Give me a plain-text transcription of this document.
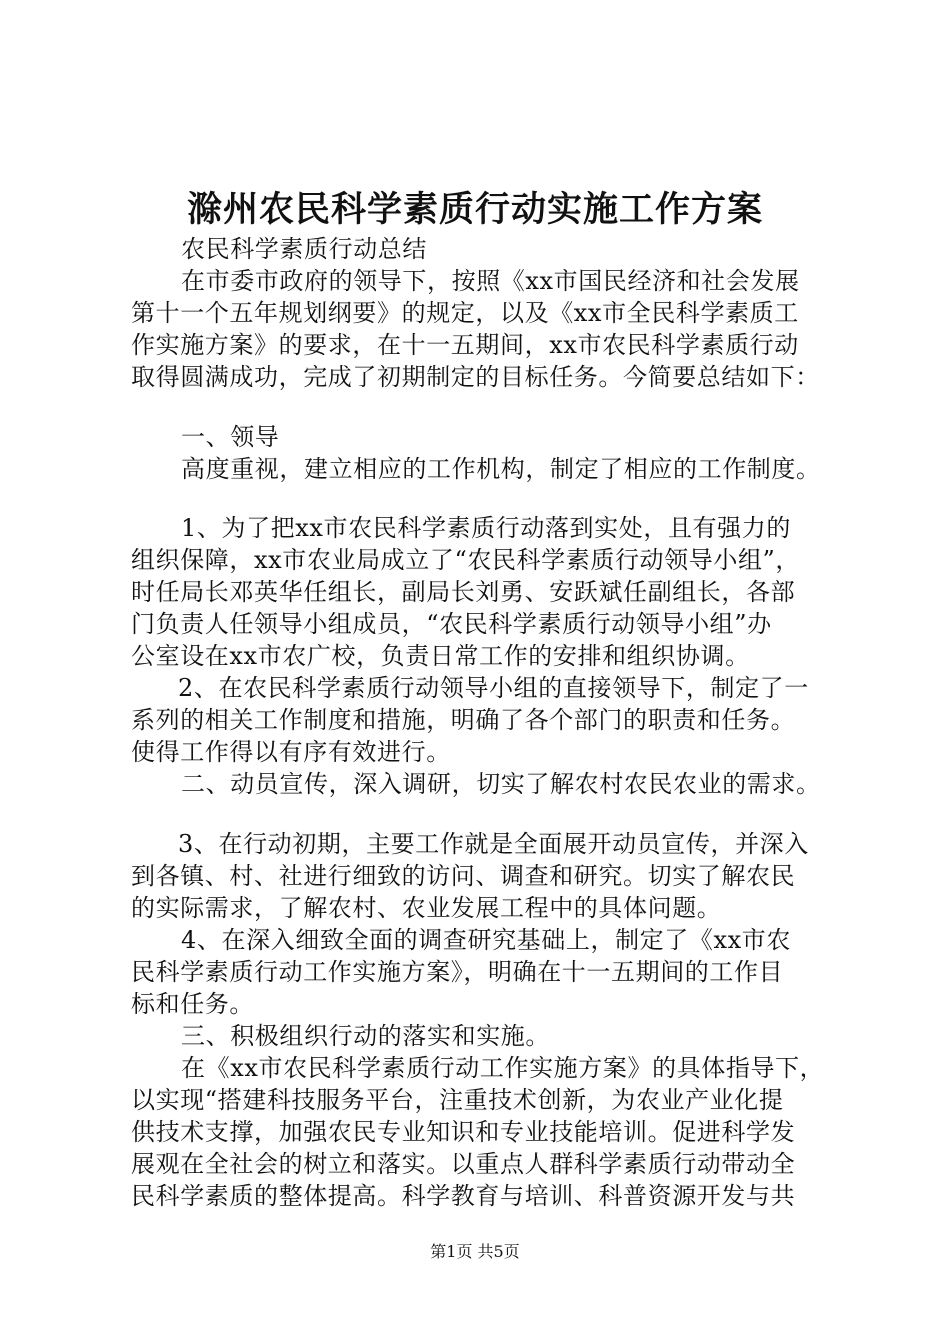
滁州农民科学素质行动实施工作方案
农民科学素质行动总结
在市委市政府的领导下，按照《xx市国民经济和社会发展
第十一个五年规划纲要》的规定，以及《xx市全民科学素质工
作实施方案》的要求，在十一五期间，xx市农民科学素质行动
取得圆满成功，完成了初期制定的目标任务。今简要总结如下：
一、领导
高度重视，建立相应的工作机构，制定了相应的工作制度。
1、为了把xx市农民科学素质行动落到实处，且有强力的
组织保障，xx市农业局成立了“农民科学素质行动领导小组”，
时任局长邓英华任组长，副局长刘勇、安跃斌任副组长，各部
门负责人任领导小组成员，“农民科学素质行动领导小组”办
公室设在xx市农广校，负责日常工作的安排和组织协调。
2、在农民科学素质行动领导小组的直接领导下，制定了一
系列的相关工作制度和措施，明确了各个部门的职责和任务。
使得工作得以有序有效进行。
二、动员宣传，深入调研，切实了解农村农民农业的需求。
3、在行动初期，主要工作就是全面展开动员宣传，并深入
到各镇、村、社进行细致的访问、调查和研究。切实了解农民
的实际需求，了解农村、农业发展工程中的具体问题。
4、在深入细致全面的调查研究基础上，制定了《xx市农
民科学素质行动工作实施方案》，明确在十一五期间的工作目
标和任务。
三、积极组织行动的落实和实施。
在《xx市农民科学素质行动工作实施方案》的具体指导下，
以实现“搭建科技服务平台，注重技术创新，为农业产业化提
供技术支撑，加强农民专业知识和专业技能培训。促进科学发
展观在全社会的树立和落实。以重点人群科学素质行动带动全
民科学素质的整体提高。科学教育与培训、科普资源开发与共
第1页 共5页
